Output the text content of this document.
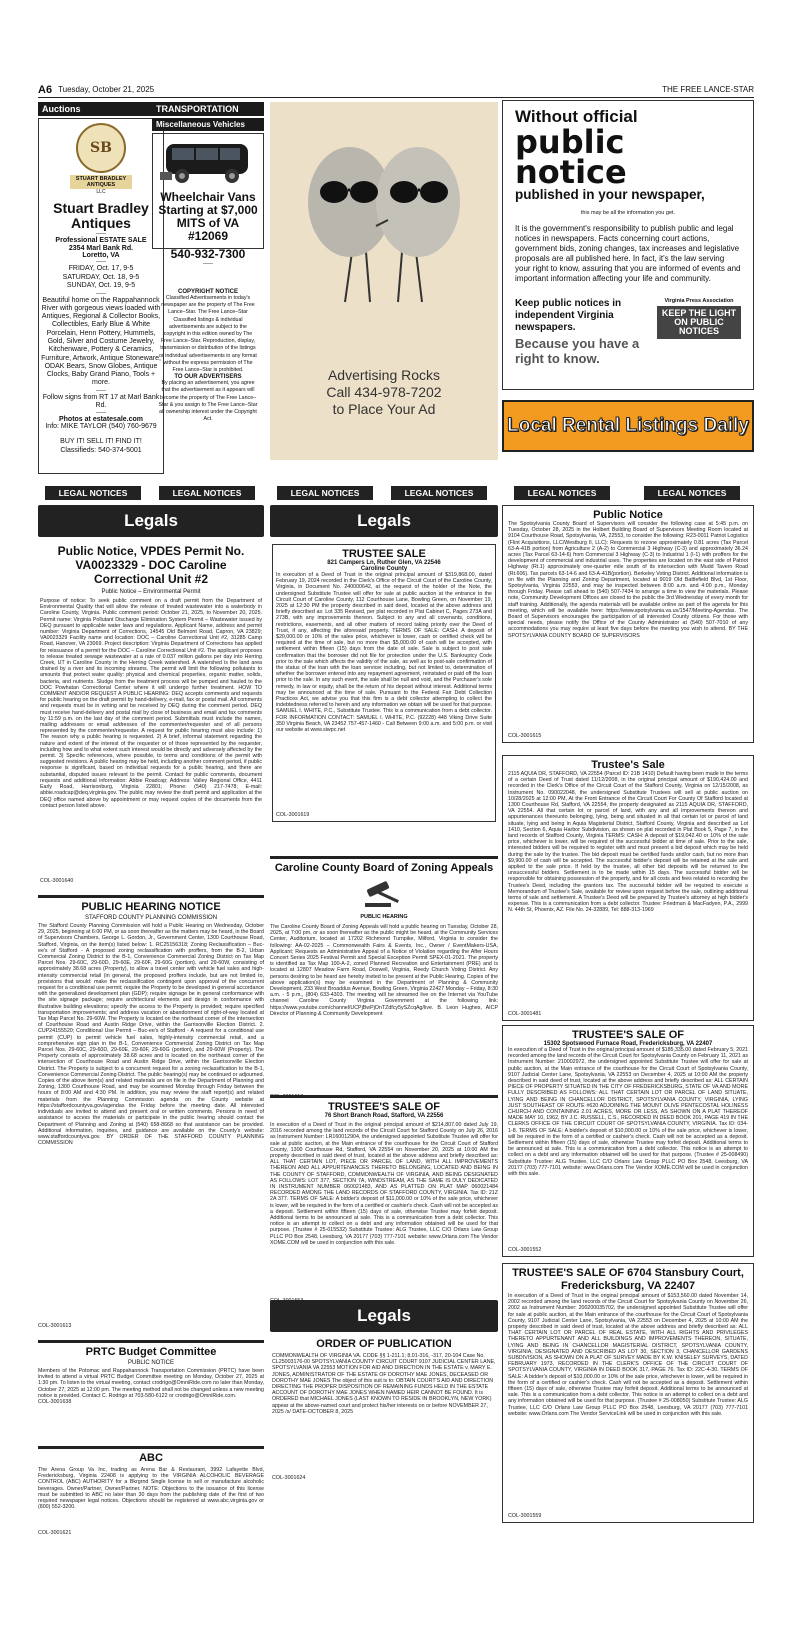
A6 Tuesday, October 21, 2025	THE FREE LANCE-STAR
Auctions
SB
STUART BRADLEY ANTIQUES
LLC
Stuart Bradley Antiques
-----
Professional ESTATE SALE
2354 Marl Bank Rd.
Loretto, VA
-----
FRIDAY, Oct. 17, 9-5 SATURDAY, Oct. 18, 9-5 SUNDAY, Oct. 19, 9-5
-----
Beautiful home on the Rappahannock River with gorgeous views loaded with Antiques, Regional & Collector Books, Collectibles, Early Blue & White Porcelain, Henn Pottery, Hummels, Gold, Silver and Costume Jewelry, Kitchenware, Pottery & Ceramics, Furniture, Artwork, Antique Stoneware, ODAK Bears, Snow Globes, Antique Clocks, Baby Grand Piano, Tools + more.
-----
Follow signs from RT 17 at Marl Bank Rd.
-----
Photos at estatesale.com
Info: MIKE TAYLOR (540) 760-9679
BUY IT! SELL IT! FIND IT! Classifieds: 540-374-5001
TRANSPORTATION
Miscellaneous Vehicles
Wheelchair Vans Starting at $7,000 MITS of VA #12069
540-932-7300
-----
COPYRIGHT NOTICE
Classified Advertisements in today's newspaper are the property of The Free Lance–Star. The Free Lance–Star Classified listings & individual advertisements are subject to the copyright in this edition owned by The Free Lance–Star. Reproduction, display, transmission or distribution of the listings or individual advertisements in any format without the express permission of The Free Lance–Star is prohibited.
TO OUR ADVERTISERS
By placing an advertisement, you agree that the advertisement as it appears will become the property of The Free Lance–Star & you assign to The Free Lance–Star all ownership interest under the Copyright Act.
Advertising Rocks Call 434-978-7202 to Place Your Ad
Without official
public notice
published in your newspaper,
this may be all the information you get.
It is the government's responsibility to publish public and legal notices in newspapers. Facts concerning court actions, government bids, zoning changes, tax increases and legislative proposals are all published here. In fact, it's the law serving your right to know, assuring that you are informed of events and important information affecting your life and community.
Keep public notices in independent Virginia newspapers.
Because you have a right to know.
Virginia Press Association
KEEP THE LIGHT ON PUBLIC NOTICES
Local Rental Listings Daily
LEGAL NOTICES	LEGAL NOTICES	LEGAL NOTICES	LEGAL NOTICES	LEGAL NOTICES	LEGAL NOTICES
Legals
Public Notice, VPDES Permit No. VA0023329 - DOC Caroline Correctional Unit #2
Public Notice – Environmental Permit
Purpose of notice: To seek public comment on a draft permit from the Department of Environmental Quality that will allow the release of treated wastewater into a waterbody in Caroline County, Virginia. Public comment period: October 21, 2025, to November 20, 2025. Permit name: Virginia Pollutant Discharge Elimination System Permit – Wastewater issued by DEQ pursuant to applicable water laws and regulations. Applicant Name, address and permit number: Virginia Department of Corrections, 14545 Old Belmont Road, Capron, VA 23829; VA0023329 Facility name and location: DOC – Caroline Correctional Unit #2, 31285 Camp Road, Hanover, VA 23069. Project description: Virginia Department of Corrections has applied for reissuance of a permit for the DOC – Caroline Correctional Unit #2. The applicant proposes to release treated sewage wastewater at a rate of 0.037 million gallons per day into Herring Creek, UT in Caroline County in the Herring Creek watershed. A watershed is the land area drained by a river and its incoming streams. The permit will limit the following pollutants to amounts that protect water quality: physical and chemical properties, organic matter, solids, bacteria, and nutrients. Sludge from the treatment process will be pumped and hauled to the DOC Powhatan Correctional Center where it will undergo further treatment. HOW TO COMMENT AND/OR REQUEST A PUBLIC HEARING: DEQ accepts comments and requests for public hearing on the draft permit by hand-delivery, e-mail, fax or postal mail. All comments and requests must be in writing and be received by DEQ during the comment period. DEQ must receive hand-delivery and postal mail by close of business and email and fax comments by 11:59 p.m. on the last day of the comment period. Submittals must include the names, mailing addresses or email addresses of the commenter/requester and of all persons represented by the commenter/requester. A request for public hearing must also include: 1) The reason why a public hearing is requested. 2) A brief, informal statement regarding the nature and extent of the interest of the requester or of those represented by the requester, including how and to what extent such interest would be directly and adversely affected by the permit. 3) Specific references, where possible, to terms and conditions of the permit with suggested revisions. A public hearing may be held, including another comment period, if public response is significant, based on individual requests for a public hearing, and there are substantial, disputed issues relevant to the permit. Contact for public comments, document requests and additional information: Abbie Roadcap; Address: Valley Regional Office, 4411 Early Road, Harrisonburg, Virginia 22801; Phone: (540) 217-7478; E-mail: abbie.roadcap@deq.virginia.gov. The public may review the draft permit and application at the DEQ office named above by appointment or may request copies of the documents from the contact person listed above.
COL-3001640
PUBLIC HEARING NOTICE
STAFFORD COUNTY PLANNING COMMISSION
The Stafford County Planning Commission will hold a Public Hearing on Wednesday, October 29, 2025, beginning at 6:00 PM, or as soon thereafter as the matters may be heard, in the Board of Supervisors Chambers, George L. Gordon, Jr., Government Center, 1300 Courthouse Road, Stafford, Virginia, on the item(s) listed below: 1. RC25156318; Zoning Reclassification – Buc-ee's of Stafford - A proposed zoning reclassification with proffers, from the B-2, Urban Commercial Zoning District to the B-1, Convenience Commercial Zoning District on Tax Map Parcel Nos. 29-60C, 29-60D, 29-60E, 29-60F, 29-60G (portion), and 29-60W, consisting of approximately 38.68 acres (Property), to allow a travel center with vehicle fuel sales and high-intensity commercial retail (in general, the proposed proffers include, but are not limited to, provisions that would: make the reclassification contingent upon approval of the concurrent request for a conditional use permit; require the Property to be developed in general accordance with the generalized development plan (GDP); require signage be in general conformance with the site signage package; require architectural elements and design in conformance with illustrative building elevations; specify the access to the Property is provided; require specified transportation improvements; and address vacation or abandonment of right-of-way located at Tax Map Parcel No. 29-60W. The Property is located on the northeast corner of the intersection of Courthouse Road and Austin Ridge Drive, within the Garrisonville Election District. 2. CUP24155520; Conditional Use Permit – Buc-ee's of Stafford - A request for a conditional use permit (CUP) to permit vehicle fuel sales, highly-intensity commercial retail, and a comprehensive sign plan in the B-1, Convenience Commercial Zoning District on Tax Map Parcel Nos. 29-60C, 29-60D, 29-60E, 29-60F, 29-60G (portion), and 29-60W (Property). The Property consists of approximately 38.68 acres and is located on the northeast corner of the intersection of Courthouse Road and Austin Ridge Drive, within the Garrisonville Election District. The Property is subject to a concurrent request for a zoning reclassification to the B-1, Convenience Commercial Zoning District. The public hearing(s) may be continued or adjourned. Copies of the above item(s) and related materials are on file in the Department of Planning and Zoning, 1300 Courthouse Road, and may be examined Monday through Friday between the hours of 8:00 AM and 4:30 PM. In addition, you may review the staff report(s) and related materials from the Planning Commission agenda on the County website at https://staffordcountyva.gov/agendas the Friday before the meeting date. All interested individuals are invited to attend and present oral or written comments. Persons in need of assistance to access the materials or participate in the public hearing should contact the Department of Planning and Zoning at (540) 658-8668 so that assistance can be provided. Additional information, inquiries, and guidance are available on the County's website: www.staffordcountyva.gov. BY ORDER OF THE STAFFORD COUNTY PLANNING COMMISSION
COL-3001613
PRTC Budget Committee
PUBLIC NOTICE
Members of the Potomac and Rappahannock Transportation Commission (PRTC) have been invited to attend a virtual PRTC Budget Committee meeting on Monday, October 27, 2025 at 1:30 pm. To listen to the virtual meeting, contact crodrigo@OmniRide.com no later than Monday, October 27, 2025 at 12:00 pm. The meeting method shall not be changed unless a new meeting notice is provided. Contact C. Rodrigo at 703-580-6122 or crodrigo@OmniRide.com.
COL-3001638
ABC
The Arena Group Va Inc, trading as Arena Bar & Restaurant, 3992 Lafayette Blvd, Fredericksburg, Virginia 22408 is applying to the VIRGINIA ALCOHOLIC BEVERAGE CONTROL (ABC) AUTHORITY for a Bkrgrnd Single license to sell or manufacture alcoholic beverages. Owner/Partner, Owner/Partner. NOTE: Objections to the issuance of this license must be submitted to ABC no later than 30 days from the publishing date of the first of two required newspaper legal notices. Objections should be registered at www.abc.virginia.gov or (800) 552-3200.
COL-3001621
Legals
TRUSTEE SALE
821 Campers Ln, Ruther Glen, VA 22546
Caroline County
In execution of a Deed of Trust in the original principal amount of $319,868.00, dated February 19, 2024 recorded in the Clerk's Office of the Circuit Court of the Caroline County, Virginia, in Document No. 240000642, at the request of the holder of the Note, the undersigned Substitute Trustee will offer for sale at public auction at the entrance to the Circuit Court of Caroline County, 112 Courthouse Lane, Bowling Green, on November 19, 2025 at 12:30 PM the property described in said deed, located at the above address and briefly described as: Lot 335 Revised, per plat recorded in Plat Cabinet C, Pages 273A and 273B, with any improvements thereon. Subject to any and all covenants, conditions, restrictions, easements, and all other matters of record taking priority over the Deed of Trust, if any, affecting the aforesaid property. TERMS OF SALE: CASH: A deposit of $20,000.00 or 10% of the sales price, whichever is lower, cash or certified check will be required at the time of sale, but no more than $5,000.00 of cash will be accepted, with settlement within fifteen (15) days from the date of sale. Sale is subject to post sale confirmation that the borrower did not file for protection under the U.S. Bankruptcy Code prior to the sale which affects the validity of the sale, as well as to post-sale confirmation of the status of the loan with the loan servicer including, but not limited to, determination of whether the borrower entered into any repayment agreement, reinstated or paid off the loan prior to the sale. In any such event, the sale shall be null and void, and the Purchaser's sole remedy, in law or equity, shall be the return of his deposit without interest. Additional terms may be announced at the time of sale. Pursuant to the Federal Fair Debt Collection Practices Act, we advise you that this firm is a debt collector attempting to collect the indebtedness referred to herein and any information we obtain will be used for that purpose. SAMUEL I. WHITE, P.C., Substitute Trustee. This is a communication from a debt collector. FOR INFORMATION CONTACT: SAMUEL I. WHITE, P.C. (92228) 448 Viking Drive Suite 350 Virginia Beach, VA 23452 757-457-1460 - Call Between 9:00 a.m. and 5:00 p.m. or visit our website at www.siwpc.net
COL-3001619
Caroline County Board of Zoning Appeals
PUBLIC HEARING
The Caroline County Board of Zoning Appeals will hold a public hearing on Tuesday, October 28, 2025, at 7:00 pm, or as soon thereafter as the public might be heard, at the Community Services Center, Auditorium, located at 17202 Richmond Turnpike, Milford, Virginia to consider the following: AA-02-2025 – Commonwealth Fairs & Events, Inc., Owner / EventMakers-USA, Applicant; Requests an Administrative Appeal of a Notice of Violation regarding the After Hours Concert Series 2025 Festival Permit and Special Exception Permit SPEX-01-2021. The property is identified as Tax Map 100-A-2, zoned Planned Recreation and Entertainment (PRE) and is located at 12807 Meadow Farm Road, Doswell, Virginia, Reedy Church Voting District. Any persons desiring to be heard are hereby invited to be present at the Public Hearing. Copies of the above application(s) may be examined in the Department of Planning & Community Development, 233 West Broaddus Avenue, Bowling Green, Virginia 22427 Monday – Friday, 8:30 a.m. - 5 p.m., (804) 633-4303. The meeting will be streamed live on the Internet via YouTube channel Caroline County Virginia Government at the following link: https://www.youtube.com/channel/UCPjBwPjOnTZdfcy5ySZcqAg/live. B. Leon Hughes, AICP Director of Planning & Community Development
COL-3001618
TRUSTEE'S SALE OF
76 Short Branch Road, Stafford, VA 22556
In execution of a Deed of Trust in the original principal amount of $214,807.00 dated July 19, 2016 recorded among the land records of the Circuit Court for Stafford County on July 26, 2016 as Instrument Number: LR160012904, the undersigned appointed Substitute Trustee will offer for sale at public auction, at the Main entrance of the courthouse for the Circuit Court of Stafford County, 1300 Courthouse Rd, Stafford, VA 22554 on November 20, 2025 at 10:00 AM the property described in said deed of trust, located at the above address and briefly described as: ALL THAT CERTAIN LOT, PIECE OR PARCEL OF LAND, WITH ALL IMPROVEMENTS THEREON AND ALL APPURTENANCES THERETO BELONGING, LOCATED AND BEING IN THE COUNTY OF STAFFORD, COMMONWEALTH OF VIRGINIA, AND BEING DESIGNATED AS FOLLOWS: LOT 377, SECTION 7A, WINDSTREAM, AS THE SAME IS DULY DEDICATED IN INSTRUMENT NUMBER 060021483, AND AS PLATTED ON PLAT MAP 060021484 RECORDED AMONG THE LAND RECORDS OF STAFFORD COUNTY, VIRGINIA. Tax ID: 21Z 2A 377. TERMS OF SALE: A bidder's deposit of $11,000.00 or 10% of the sale price, whichever is lower, will be required in the form of a certified or cashier's check. Cash will not be accepted as a deposit. Settlement within fifteen (15) days of sale, otherwise Trustee may forfeit deposit. Additional terms to be announced at sale. This is a communication from a debt collector. This notice is an attempt to collect on a debt and any information obtained will be used for that purpose. (Trustee # 25-015532) Substitute Trustee: ALG Trustee, LLC C/O Orlans Law Group PLLC PO Box 2548, Leesburg, VA 20177 (703) 777-7101 website: www.Orlans.com The Vendor XOME.COM will be used in conjunction with this sale.
Legals
ORDER OF PUBLICATION
COMMONWEALTH OF VIRGINIA VA. CODE §§ 1-211.1; 8.01-316, -317, 20-104 Case No. CL25003176-00 SPOTSYLVANIA COUNTY CIRCUIT COURT 9107 JUDICIAL CENTER LANE, SPOTSYLVANIA VA 22553 MOTION FOR AID AND DIRECTION IN THE ESTATE v. MARY E. JONES, ADMINISTRATOR OF THE ESTATE OF DOROTHY MAE JONES, DECEASED OR DOROTHY MAE JONES The object of this suit is to: OBTAIN COURT'S AID AND DIRECTION DIRECTING THE PROPER DISPOSITION OF REMAINING FUNDS HELD IN THE ESTATE ACCOUNT OF DOROTHY MAE JONES WHEN NAMED HEIR CANNOT BE FOUND. It is ORDERED that MICHAEL JONES (LAST KNOWN TO RESIDE IN BROOKLYN, NEW YORK) appear at the above-named court and protect his/her interests on or before NOVEMBER 27, 2025 /s/ DATE-OCTOBER 8, 2025
COL-3001624
Public Notice
The Spotsylvania County Board of Supervisors will consider the following case at 5:45 p.m. on Tuesday, October 28, 2025 in the Holbert Building Board of Supervisors Meeting Room located at 9104 Courthouse Road, Spotsylvania, VA, 22553, to consider the following: R23-0011 Patriot Logistics (Flint Acquisitions, LLC/Westburg II, LLC): Requests to rezone approximately 0.81 acres (Tax Parcel 63-A-41B portion) from Agriculture 2 (A-2) to Commercial 3 Highway (C-3) and approximately 36.24 acres (Tax Parcel 63-14-6) from Commercial 3 Highway (C-3) to Industrial 1 (I-1) with proffers for the development of commercial and industrial uses. The properties are located on the east side of Patriot Highway (Rt.1) approximately one-quarter mile south of its intersection with Mudd Tavern Road (Rt.606). Tax parcels 63-14-6 and 63-A-41B(portion). Berkeley Voting District. Additional information is on file with the Planning and Zoning Department, located at 9019 Old Battlefield Blvd, 1st Floor, Spotsylvania, Virginia 22553, and may be inspected between 8:00 a.m. and 4:00 p.m., Monday through Friday. Please call ahead to (540) 507-7434 to arrange a time to view the materials. Please note, Community Development Offices are closed to the public the 3rd Wednesday of every month for staff training. Additionally, the agenda materials will be available online as part of the agenda for this meeting, which will be available here: https://www.spotsylvania.va.us/1547/Meeting-Agendas. The Board of Supervisors encourages the participation of all interested County citizens. For those with special needs, please notify the Office of the County Administrator at (540) 507-7010 of any accommodations you may require at least five days before the meeting you wish to attend. BY THE SPOTSYLVANIA COUNTY BOARD OF SUPERVISORS
COL-3001615
Trustee's Sale
2115 AQUIA DR, STAFFORD, VA 22554 (Parcel ID: 21B 1410) Default having been made in the terms of a certain Deed of Trust dated 11/12/2008, in the original principal amount of $190,424.00 and recorded in the Clerk's Office of the Circuit Court of the Stafford County, Virginia on 12/15/2008, as Instrument No. 090022048, the undersigned Substitute Trustees will sell at public auction on 10/28/2025 at 12:00 PM, At the Front Entrance of the Circuit Court For County Of Stafford located at 1300 Courthouse Rd, Stafford, VA 22554, the property designated as 2115 AQUIA DR, STAFFORD, VA 22554. All that certain lot or parcel of land, with any and all improvements thereon and appurtenances thereunto belonging, lying, being and situated in all that certain lot or parcel of land situate, lying and being in Aquia Magisterial District, Stafford County, Virginia and described as Lot 1410, Section 6, Aquia Harbor Subdivision, as shown on plat recorded in Plat Book 5, Page 7, in the land records of Stafford County, Virginia TERMS: CASH: A deposit of $19,042.40 or 10% of the sale price, whichever is lower, will be required of the successful bidder at time of sale. Prior to the sale, interested bidders will be required to register with and must present a bid deposit which may be held during the sale by the trustee. The bid deposit must be certified funds and/or cash, but no more than $9,900.00 of cash will be accepted. The successful bidder's deposit will be retained at the sale and applied to the sale price. If held by the trustee, all other bid deposits will be returned to the unsuccessful bidders. Settlement is to be made within 15 days. The successful bidder will be responsible for obtaining possession of the property, and for all costs and fees related to recording the Trustee's Deed, including the grantors tax. The successful bidder will be required to execute a Memorandum of Trustee's Sale, available for review upon request before the sale, outlining additional terms of sale and settlement. A Trustee's Deed will be prepared by Trustee's attorney at high bidder's expense. This is a communication from a debt collector. Trustee: Friedman & MacFadyen, P.A., 2999 N. 44th St, Phoenix, AZ. File No. 24-32889, Tel: 888-313-1969
COL-3001481
TRUSTEE'S SALE OF
15302 Spotswood Furnace Road, Fredericksburg, VA 22407
In execution of a Deed of Trust in the original principal amount of $185,335.00 dated February 5, 2021 recorded among the land records of the Circuit Court for Spotsylvania County on February 11, 2021 as Instrument Number: 210002972, the undersigned appointed Substitute Trustee will offer for sale at public auction, at the Main entrance of the courthouse for the Circuit Court of Spotsylvania County, 9107 Judicial Center Lane, Spotsylvania, VA 22553 on December 4, 2025 at 10:00 AM the property described in said deed of trust, located at the above address and briefly described as: ALL CERTAIN PIECE OF PROPERTY SITUATED IN THE CITY OF FREDERICKSBURG, STATE OF VA AND MORE FULLY DESCRIBED AS FOLLOWS: ALL THAT CERTAIN LOT OR PARCEL OF LAND SITUATE, LYING AND BEING IN CHANCELLOR DISTRICT, SPOTSYLVANIA COUNTY, VIRGINIA, LYING JUST SOUTHEAST OF ROUTE #620 ADJOINING THE MOUNT OLIVE PENTECOSTAL HOLINESS CHURCH AND CONTAINING 2.01 ACRES, MORE OR LESS, AS SHOWN ON A PLAT THEREOF MADE MAY 10, 1962, BY J.C. RUSSELL, C.S., RECORDED IN DEED BOOK 201, PAGE 419 IN THE CLERKS OFFICE OF THE CIRCUIT COURT OF SPOTSYLVANIA COUNTY, VIRGINIA. Tax ID: 034-1-8. TERMS OF SALE: A bidder's deposit of $10,000.00 or 10% of the sale price, whichever is lower, will be required in the form of a certified or cashier's check. Cash will not be accepted as a deposit. Settlement within fifteen (15) days of sale, otherwise Trustee may forfeit deposit. Additional terms to be announced at sale. This is a communication from a debt collector. This notice is an attempt to collect on a debt and any information obtained will be used for that purpose. (Trustee # 25-008490) Substitute Trustee: ALG Trustee, LLC C/O Orlans Law Group PLLC PO Box 2548, Leesburg, VA 20177 (703) 777-7101 website: www.Orlans.com The Vendor XOME.COM will be used in conjunction with this sale.
COL-3001552
TRUSTEE'S SALE OF 6704 Stansbury Court, Fredericksburg, VA 22407
In execution of a Deed of Trust in the original principal amount of $153,560.00 dated November 14, 2002 recorded among the land records of the Circuit Court for Spotsylvania County on November 26, 2002 as Instrument Number: 200200035702, the undersigned appointed Substitute Trustee will offer for sale at public auction, at the Main entrance of the courthouse for the Circuit Court of Spotsylvania County, 9107 Judicial Center Lane, Spotsylvania, VA 22553 on December 4, 2025 at 10:00 AM the property described in said deed of trust, located at the above address and briefly described as: ALL THAT CERTAIN LOT OR PARCEL OF REAL ESTATE, WITH ALL RIGHTS AND PRIVILEGES THERETO APPURTENANT AND ALL BUILDINGS AND IMPROVEMENTS THEREON, SITUATE, LYING AND BEING IN CHANCELLOR MAGISTERIAL DISTRICT, SPOTSYLVANIA COUNTY, VIRGINIA, DESIGNATED AND DESCRIBED AS LOT 30, SECTION 3, CHANCELLOR GARDENS SUBDIVISION, AS SHOWN ON A PLAT OF SURVEY MADE BY K.W. KNISELEY SURVEYS, DATED FEBRUARY 1973, RECORDED IN THE CLERK'S OFFICE OF THE CIRCUIT COURT OF SPOTSYLVANIA COUNTY, VIRGINIA IN DEED BOOK 317, PAGE 76. Tax ID: 22C-4-30. TERMS OF SALE: A bidder's deposit of $10,000.00 or 10% of the sale price, whichever is lower, will be required in the form of a certified or cashier's check. Cash will not be accepted as a deposit. Settlement within fifteen (15) days of sale, otherwise Trustee may forfeit deposit. Additional terms to be announced at sale. This is a communication from a debt collector. This notice is an attempt to collect on a debt and any information obtained will be used for that purpose. (Trustee # 25-008050) Substitute Trustee: ALG Trustee, LLC C/O Orlans Law Group PLLC PO Box 2548, Leesburg, VA 20177 (703) 777-7101 website: www.Orlans.com The Vendor ServiceLink will be used in conjunction with this sale.
COL-3001559
